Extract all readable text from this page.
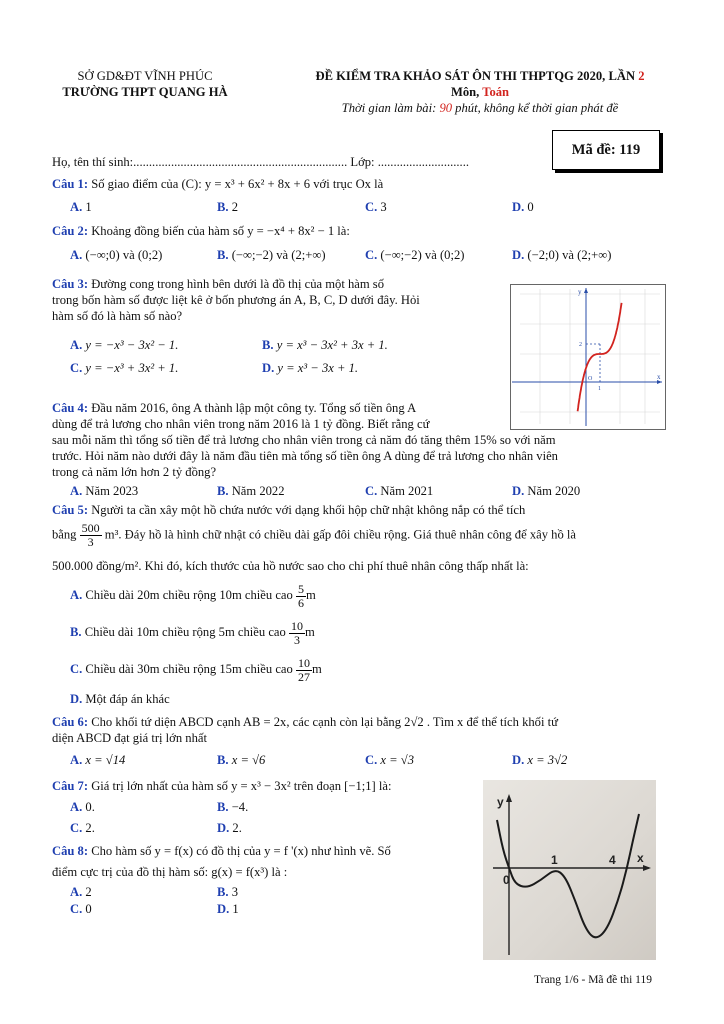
SỞ GD&ĐT VĨNH PHÚC
TRƯỜNG THPT QUANG HÀ
ĐỀ KIỂM TRA KHẢO SÁT ÔN THI THPTQG 2020, LẦN 2
Môn, Toán
Thời gian làm bài: 90 phút, không kể thời gian phát đề
Mã đề: 119
Họ, tên thí sinh:.................................................................... Lớp: .............................
Câu 1: Số giao điểm của (C): y = x³ + 6x² + 8x + 6 với trục Ox là
A. 1	B. 2	C. 3	D. 0
Câu 2: Khoảng đồng biến của hàm số y = −x⁴ + 8x² − 1 là:
A. (−∞;0) và (0;2)	B. (−∞;−2) và (2;+∞)	C. (−∞;−2) và (0;2)	D. (−2;0) và (2;+∞)
Câu 3: Đường cong trong hình bên dưới là đồ thị của một hàm số
trong bốn hàm số được liệt kê ở bốn phương án A, B, C, D dưới đây. Hỏi
hàm số đó là hàm số nào?
A. y = −x³ − 3x² − 1.	B. y = x³ − 3x² + 3x + 1.
C. y = −x³ + 3x² + 1.	D. y = x³ − 3x + 1.
y
x
O
2
1
Câu 4: Đầu năm 2016, ông A thành lập một công ty. Tổng số tiền ông A
dùng để trả lương cho nhân viên trong năm 2016 là 1 tỷ đồng. Biết rằng cứ
sau mỗi năm thì tổng số tiền để trả lương cho nhân viên trong cả năm đó tăng thêm 15% so với năm
trước. Hỏi năm nào dưới đây là năm đầu tiên mà tổng số tiền ông A dùng để trả lương cho nhân viên
trong cả năm lớn hơn 2 tỷ đồng?
A. Năm 2023	B. Năm 2022	C. Năm 2021	D. Năm 2020
Câu 5: Người ta cần xây một hồ chứa nước với dạng khối hộp chữ nhật không nắp có thể tích
bằng $\frac{500}{3} m^3$. Đáy hồ là hình chữ nhật có chiều dài gấp đôi chiều rộng. Giá thuê nhân công để xây hồ là
500.000 đồng/m². Khi đó, kích thước của hồ nước sao cho chi phí thuê nhân công thấp nhất là:
A. Chiều dài 20m chiều rộng 10m chiều cao $\frac{5}{6}$ m
B. Chiều dài 10m chiều rộng 5m chiều cao $\frac{10}{3}$ m
C. Chiều dài 30m chiều rộng 15m chiều cao $\frac{10}{27}$ m
D. Một đáp án khác
Câu 6: Cho khối tứ diện ABCD cạnh AB = 2x, các cạnh còn lại bằng 2√2 . Tìm x để thể tích khối tứ
diện ABCD đạt giá trị lớn nhất
A. x = √14	B. x = √6	C. x = √3	D. x = 3√2
Câu 7: Giá trị lớn nhất của hàm số y = x³ − 3x² trên đoạn [−1;1] là:
A. 0.	B. −4.
C. 2.	D. 2.
Câu 8: Cho hàm số y = f(x) có đồ thị của y = f '(x) như hình vẽ. Số
điểm cực trị của đồ thị hàm số: g(x) = f(x³) là :
A. 2	B. 3
C. 0	D. 1
y
x
0
1	4
Trang 1/6 - Mã đề thi 119
